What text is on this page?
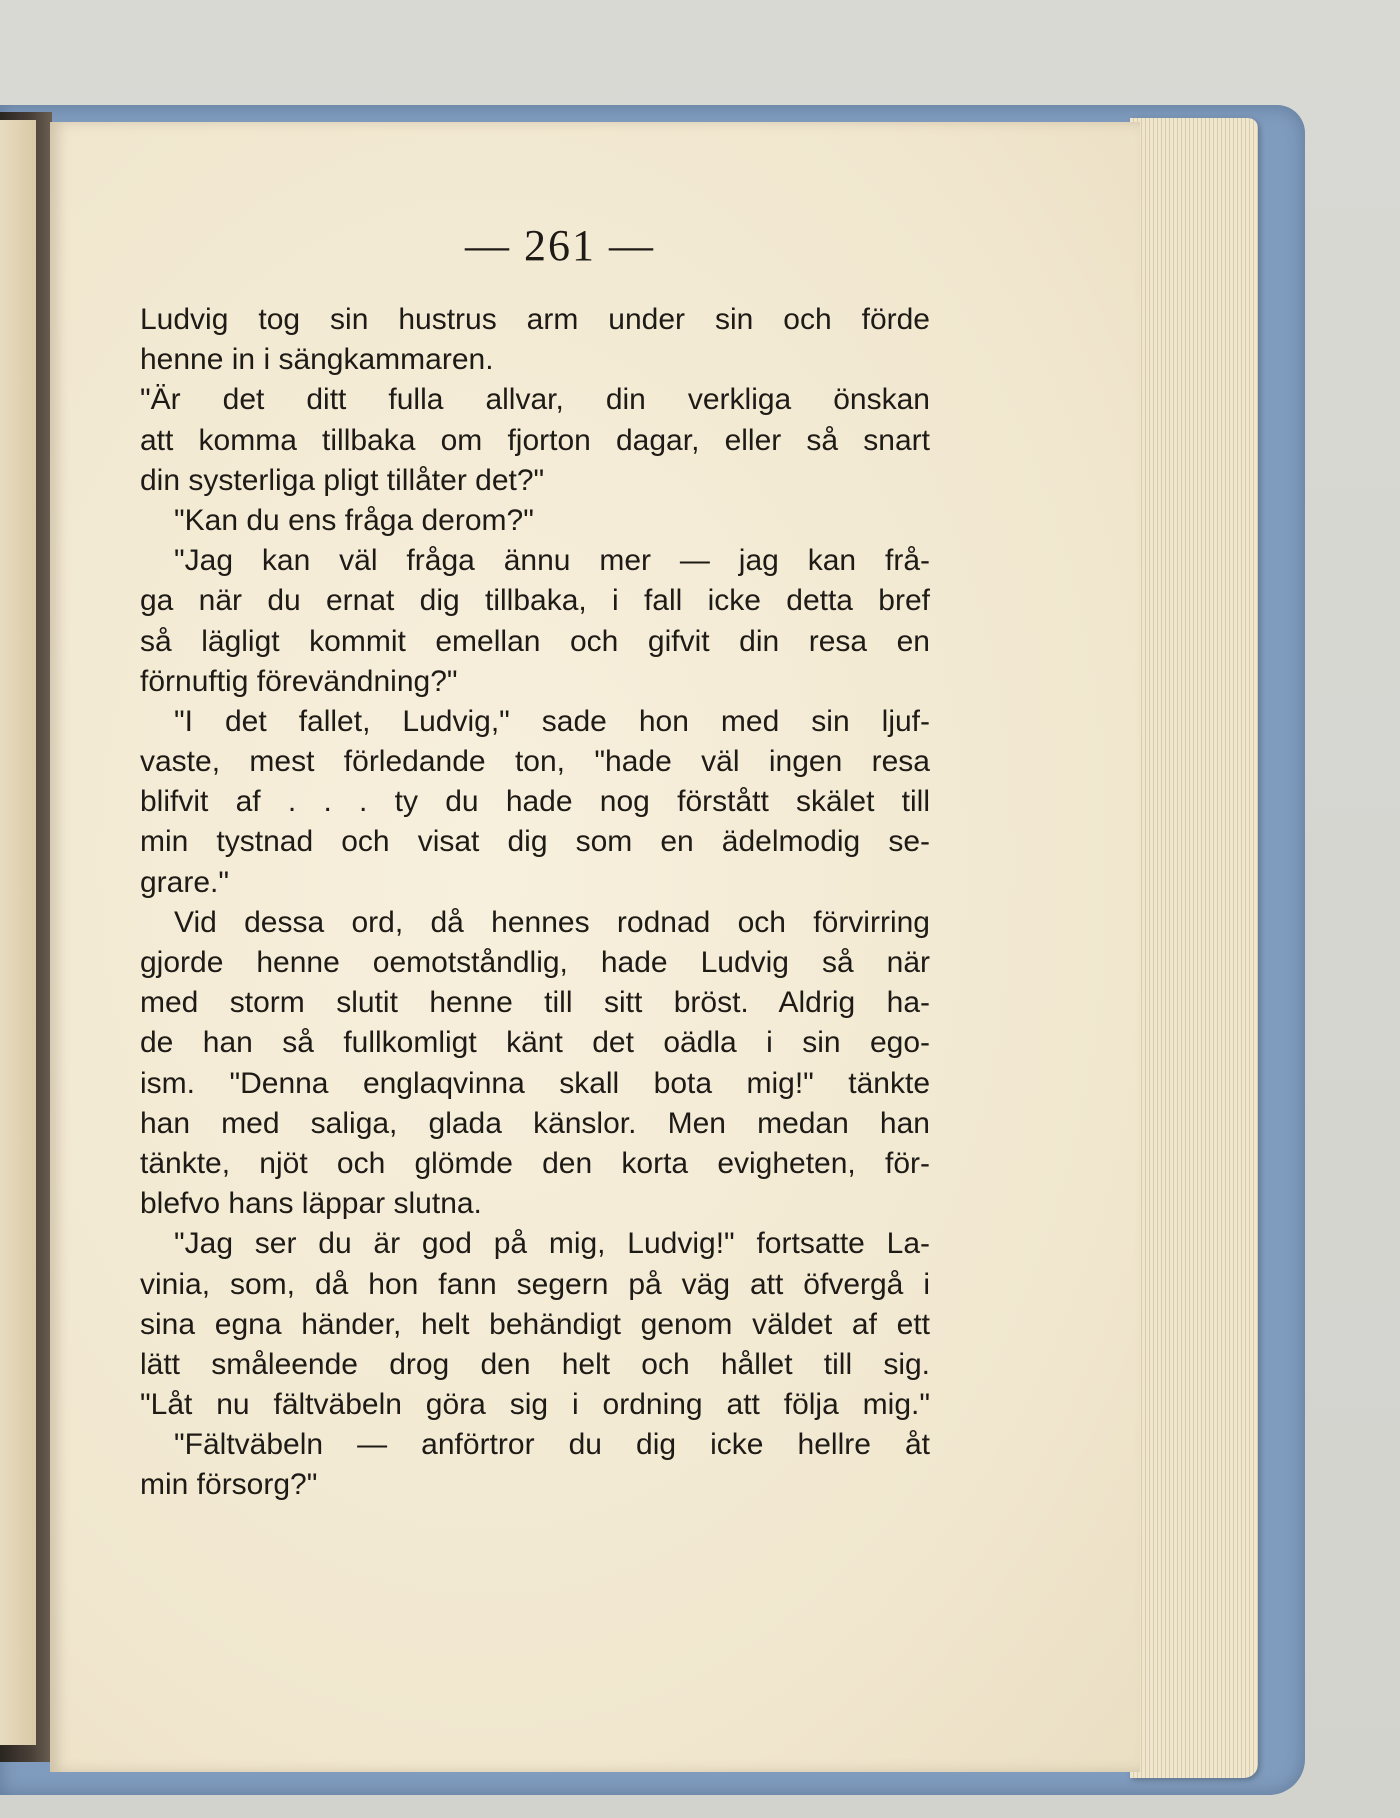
— 261 —
Ludvig tog sin hustrus arm under sin och förde
henne in i sängkammaren.
"Är det ditt fulla allvar, din verkliga önskan
att komma tillbaka om fjorton dagar, eller så snart
din systerliga pligt tillåter det?"
"Kan du ens fråga derom?"
"Jag kan väl fråga ännu mer — jag kan frå-
ga när du ernat dig tillbaka, i fall icke detta bref
så lägligt kommit emellan och gifvit din resa en
förnuftig förevändning?"
"I det fallet, Ludvig," sade hon med sin ljuf-
vaste, mest förledande ton, "hade väl ingen resa
blifvit af . . . ty du hade nog förstått skälet till
min tystnad och visat dig som en ädelmodig se-
grare."
Vid dessa ord, då hennes rodnad och förvirring
gjorde henne oemotståndlig, hade Ludvig så när
med storm slutit henne till sitt bröst. Aldrig ha-
de han så fullkomligt känt det oädla i sin ego-
ism. "Denna englaqvinna skall bota mig!" tänkte
han med saliga, glada känslor. Men medan han
tänkte, njöt och glömde den korta evigheten, för-
blefvo hans läppar slutna.
"Jag ser du är god på mig, Ludvig!" fortsatte La-
vinia, som, då hon fann segern på väg att öfvergå i
sina egna händer, helt behändigt genom väldet af ett
lätt småleende drog den helt och hållet till sig.
"Låt nu fältväbeln göra sig i ordning att följa mig."
"Fältväbeln — anförtror du dig icke hellre åt
min försorg?"
